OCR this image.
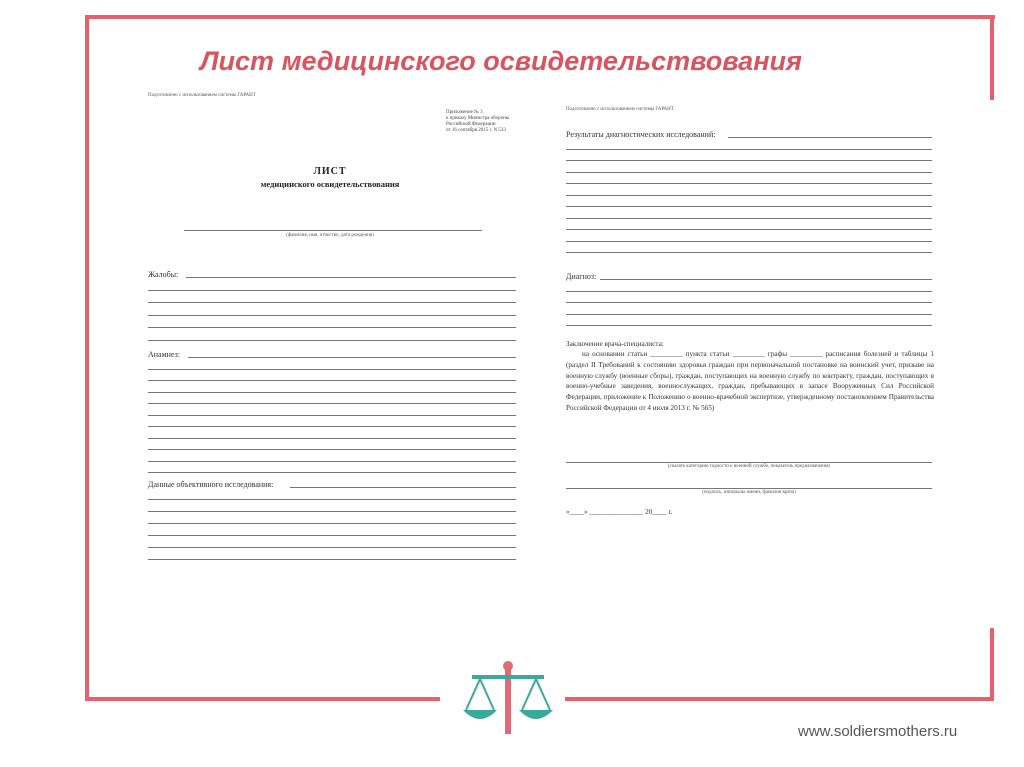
Лист медицинского освидетельствования
Подготовлено с использованием системы ГАРАНТ
Приложение № 3
к приказу Министра обороны
Российской Федерации
от 16 сентября 2015 г. N 533
ЛИСТ
медицинского освидетельствования
(фамилия, имя, отчество, дата рождения)
Жалобы:
Анамнез:
Данные объективного исследования:
Подготовлено с использованием системы ГАРАНТ
Результаты диагностических исследований:
Диагноз:
Заключение врача-специалиста:
на основании статьи _________ пункта статьи _________ графы _________ расписания болезней и таблицы 1 (раздел II Требований к состоянию здоровья граждан при первоначальной постановке на воинский учет, призыве на военную службу (военные сборы), граждан, поступающих на военную службу по контракту, граждан, поступающих в военно-учебные заведения, военнослужащих, граждан, пребывающих в запасе Вооруженных Сил Российской Федерации, приложение к Положению о военно-врачебной экспертизе, утвержденному постановлением Правительства Российской Федерации от 4 июля 2013 г. № 565)
(указать категорию годности к военной службе, показатель предназначения)
(подпись, инициалы имени, фамилия врача)
«____» _______________ 20____ г.
www.soldiersmothers.ru
